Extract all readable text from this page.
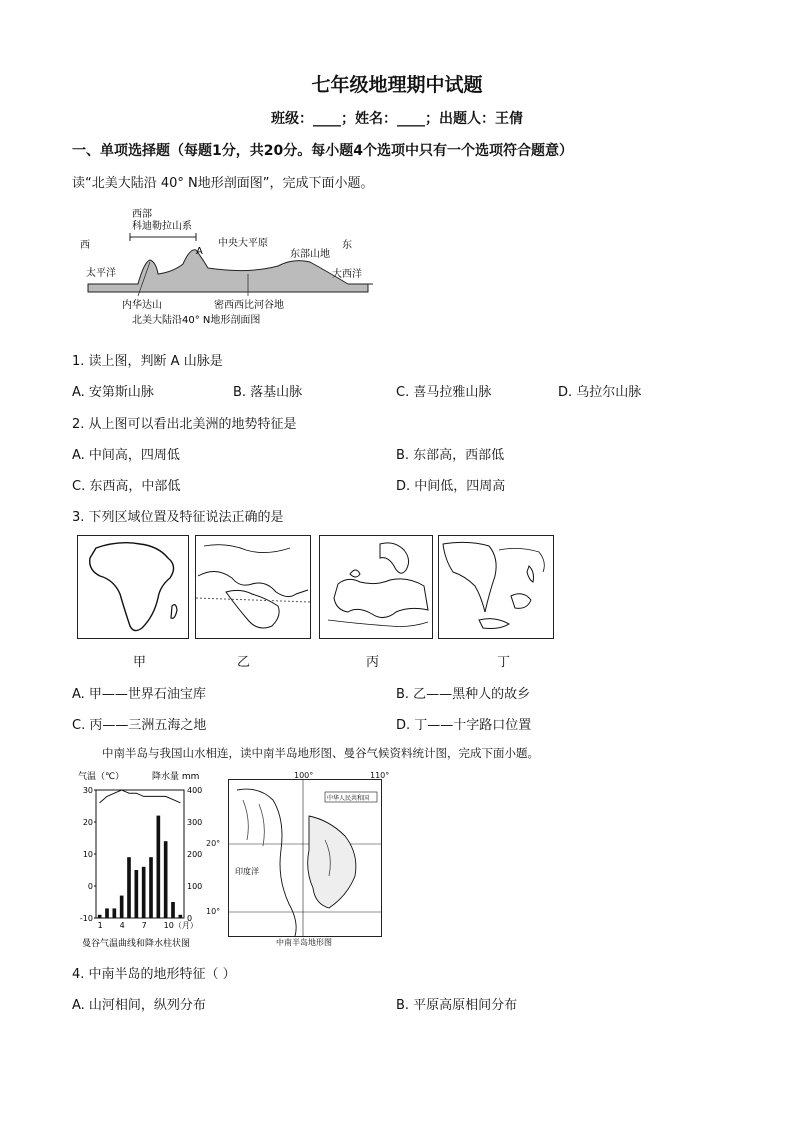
七年级地理期中试题
班级：____；姓名：____；出题人：王倩
一、单项选择题（每题1分，共20分。每小题4个选项中只有一个选项符合题意）
读“北美大陆沿 40° N地形剖面图”，完成下面小题。
西	东
西部
科迪勒拉山系
A
中央大平原
东部山地
太平洋	大西洋
内华达山	密西西比河谷地
北美大陆沿40° N地形剖面图
1. 读上图，判断 A 山脉是
A. 安第斯山脉	B. 落基山脉	C. 喜马拉雅山脉	D. 乌拉尔山脉
2. 从上图可以看出北美洲的地势特征是
A. 中间高，四周低	B. 东部高，西部低
C. 东西高，中部低	D. 中间低，四周高
3. 下列区域位置及特征说法正确的是
甲	乙	丙	丁
A. 甲——世界石油宝库	B. 乙——黑种人的故乡
C. 丙——三洲五海之地	D. 丁——十字路口位置
中南半岛与我国山水相连，读中南半岛地形图、曼谷气候资料统计图，完成下面小题。
气温（℃）	降水量 mm
30
20
10
0
-10
400
300
200
100
0
1 4 7 10（月）
曼谷气温曲线和降水柱状图
中华人民共和国
印度洋
100°	110°
20°
10°
中南半岛地形图
4. 中南半岛的地形特征（ ）
A. 山河相间，纵列分布	B. 平原高原相间分布
